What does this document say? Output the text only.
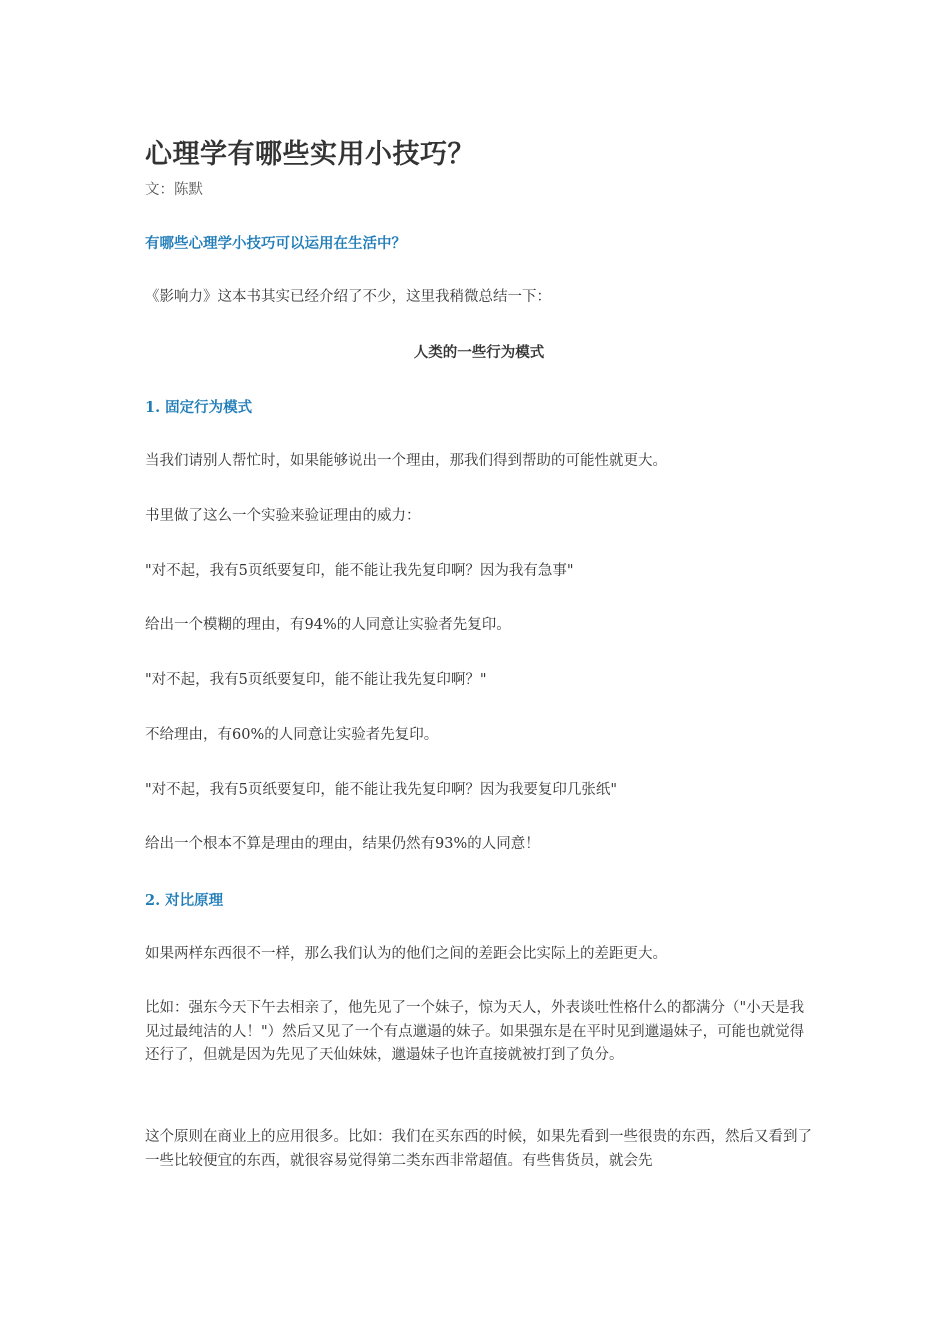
心理学有哪些实用小技巧？
文：陈默
有哪些心理学小技巧可以运用在生活中？

《影响力》这本书其实已经介绍了不少，这里我稍微总结一下：

人类的一些行为模式
1. 固定行为模式

当我们请别人帮忙时，如果能够说出一个理由，那我们得到帮助的可能性就更大。

书里做了这么一个实验来验证理由的威力：

"对不起，我有5页纸要复印，能不能让我先复印啊？因为我有急事"

给出一个模糊的理由，有94%的人同意让实验者先复印。

"对不起，我有5页纸要复印，能不能让我先复印啊？"

不给理由，有60%的人同意让实验者先复印。

"对不起，我有5页纸要复印，能不能让我先复印啊？因为我要复印几张纸"

给出一个根本不算是理由的理由，结果仍然有93%的人同意！

2. 对比原理

如果两样东西很不一样，那么我们认为的他们之间的差距会比实际上的差距更大。

比如：强东今天下午去相亲了，他先见了一个妹子，惊为天人，外表谈吐性格什么的都满分（"小天是我见过最纯洁的人！"）然后又见了一个有点邋遢的妹子。如果强东是在平时见到邋遢妹子，可能也就觉得还行了，但就是因为先见了天仙妹妹，邋遢妹子也许直接就被打到了负分。

这个原则在商业上的应用很多。比如：我们在买东西的时候，如果先看到一些很贵的东西，然后又看到了一些比较便宜的东西，就很容易觉得第二类东西非常超值。有些售货员，就会先
